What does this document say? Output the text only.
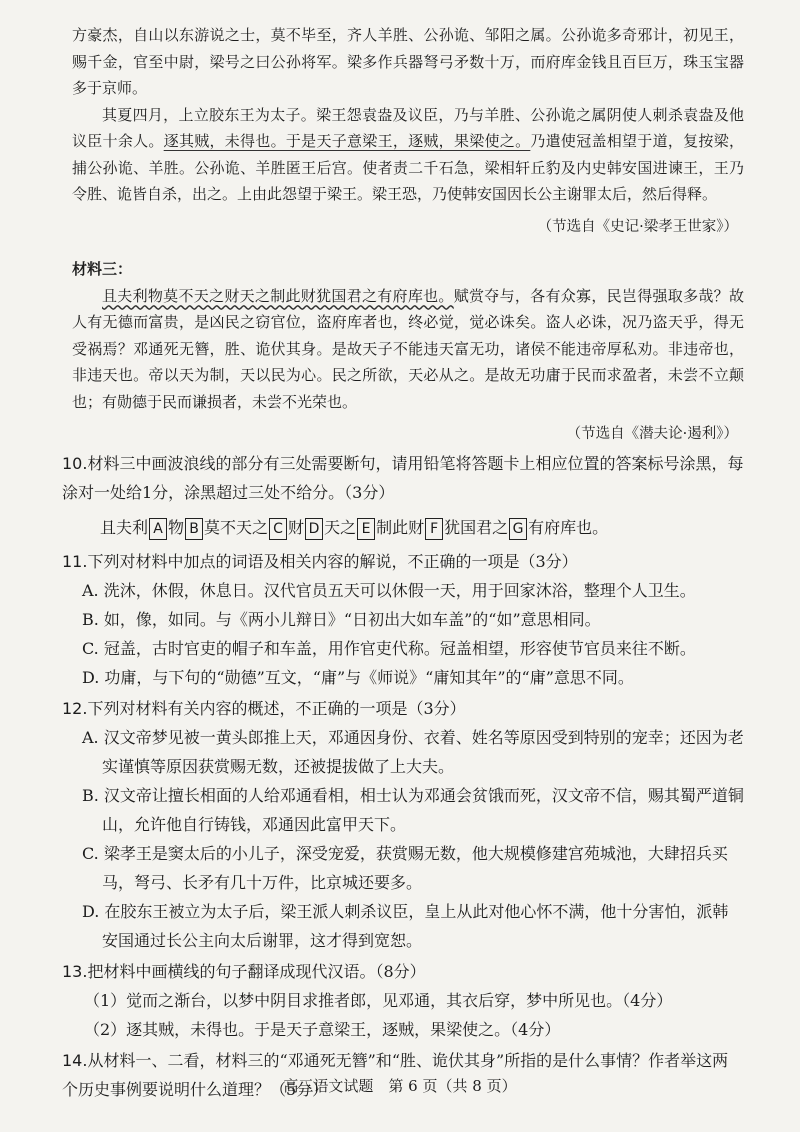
方豪杰，自山以东游说之士，莫不毕至，齐人羊胜、公孙诡、邹阳之属。公孙诡多奇邪计，初见王，赐千金，官至中尉，梁号之曰公孙将军。梁多作兵器弩弓矛数十万，而府库金钱且百巨万，珠玉宝器多于京师。

其夏四月，上立胶东王为太子。梁王怨袁盎及议臣，乃与羊胜、公孙诡之属阴使人刺杀袁盎及他议臣十余人。逐其贼，未得也。于是天子意梁王，逐贼，果梁使之。乃遣使冠盖相望于道，复按梁，捕公孙诡、羊胜。公孙诡、羊胜匿王后宫。使者责二千石急，梁相轩丘豹及内史韩安国进谏王，王乃令胜、诡皆自杀，出之。上由此怨望于梁王。梁王恐，乃使韩安国因长公主谢罪太后，然后得释。

（节选自《史记·梁孝王世家》）

材料三：

且夫利物莫不天之财天之制此财犹国君之有府库也。赋赏夺与，各有众寡，民岂得强取多哉？故人有无德而富贵，是凶民之窃官位，盗府库者也，终必觉，觉必诛矣。盗人必诛，况乃盗天乎，得无受祸焉？邓通死无簪，胜、诡伏其身。是故天子不能违天富无功，诸侯不能违帝厚私劝。非违帝也，非违天也。帝以天为制，天以民为心。民之所欲，天必从之。是故无功庸于民而求盈者，未尝不立颠也；有勋德于民而谦损者，未尝不光荣也。

（节选自《潜夫论·遏利》）

10.材料三中画波浪线的部分有三处需要断句，请用铅笔将答题卡上相应位置的答案标号涂黑，每涂对一处给1分，涂黑超过三处不给分。（3分）

且夫利 A 物 B 莫不天之 C 财 D 天之 E 制此财 F 犹国君之 G 有府库也。

11.下列对材料中加点的词语及相关内容的解说，不正确的一项是（3分）

A. 洗沐，休假，休息日。汉代官员五天可以休假一天，用于回家沐浴，整理个人卫生。

B. 如，像，如同。与《两小儿辩日》“日初出大如车盖”的“如”意思相同。

C. 冠盖，古时官吏的帽子和车盖，用作官吏代称。冠盖相望，形容使节官员来往不断。

D. 功庸，与下句的“勋德”互文，“庸”与《师说》“庸知其年”的“庸”意思不同。

12.下列对材料有关内容的概述，不正确的一项是（3分）

A. 汉文帝梦见被一黄头郎推上天，邓通因身份、衣着、姓名等原因受到特别的宠幸；还因为老实谨慎等原因获赏赐无数，还被提拔做了上大夫。

B. 汉文帝让擅长相面的人给邓通看相，相士认为邓通会贫饿而死，汉文帝不信，赐其蜀严道铜山，允许他自行铸钱，邓通因此富甲天下。

C. 梁孝王是窦太后的小儿子，深受宠爱，获赏赐无数，他大规模修建宫苑城池，大肆招兵买马，弩弓、长矛有几十万件，比京城还要多。

D. 在胶东王被立为太子后，梁王派人刺杀议臣，皇上从此对他心怀不满，他十分害怕，派韩安国通过长公主向太后谢罪，这才得到宽恕。

13.把材料中画横线的句子翻译成现代汉语。（8分）

（1）觉而之渐台，以梦中阴目求推者郎，见邓通，其衣后穿，梦中所见也。（4分）

（2）逐其贼，未得也。于是天子意梁王，逐贼，果梁使之。（4分）

14.从材料一、二看，材料三的“邓通死无簪”和“胜、诡伏其身”所指的是什么事情？作者举这两个历史事例要说明什么道理？（5分）

高三语文试题　第 6 页（共 8 页）
